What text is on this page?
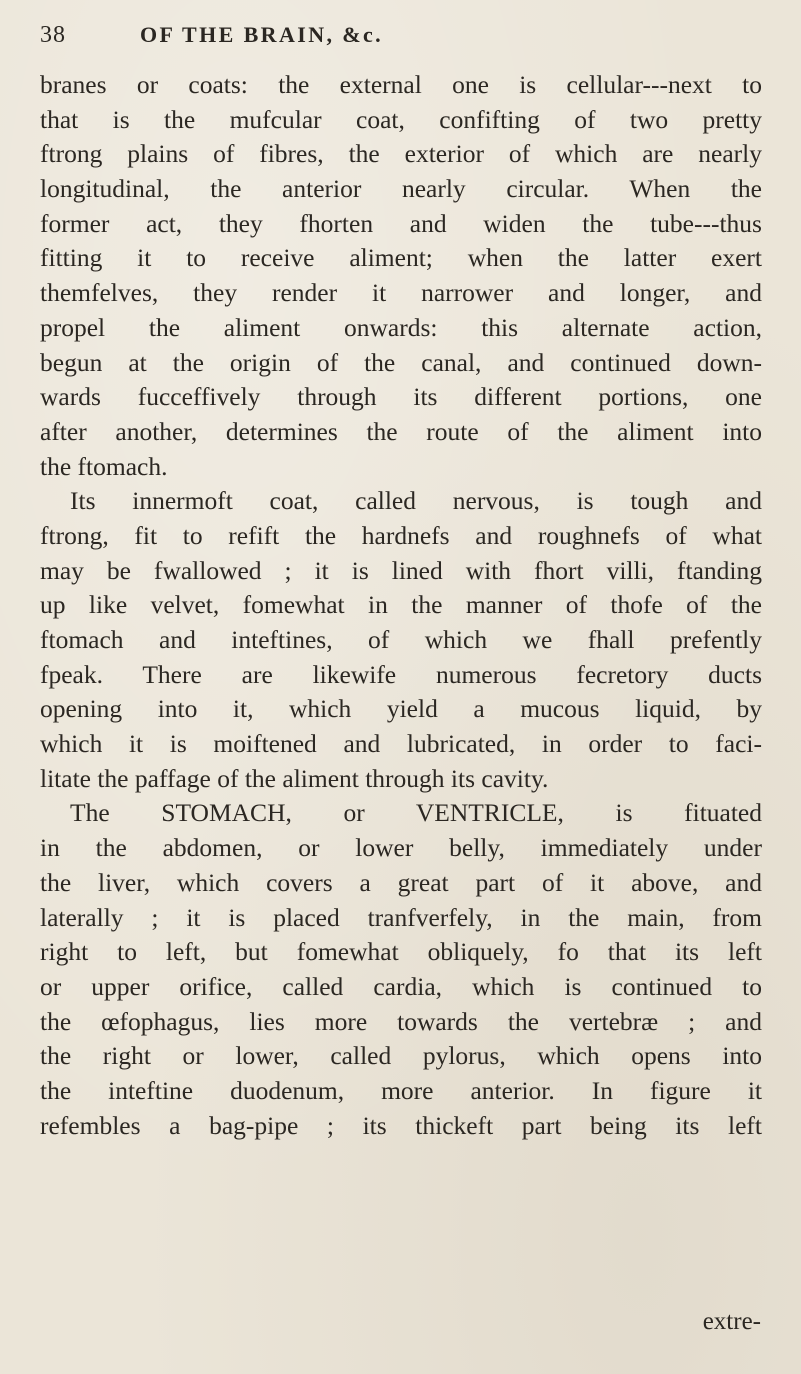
38	OF THE BRAIN, &c.
branes or coats: the external one is cellular---next to
that is the mufcular coat, confifting of two pretty
ftrong plains of fibres, the exterior of which are nearly
longitudinal, the anterior nearly circular. When the
former act, they fhorten and widen the tube---thus
fitting it to receive aliment; when the latter exert
themfelves, they render it narrower and longer, and
propel the aliment onwards: this alternate action,
begun at the origin of the canal, and continued down-
wards fucceffively through its different portions, one
after another, determines the route of the aliment into
the ftomach.
Its innermoft coat, called nervous, is tough and
ftrong, fit to refift the hardnefs and roughnefs of what
may be fwallowed ; it is lined with fhort villi, ftanding
up like velvet, fomewhat in the manner of thofe of the
ftomach and inteftines, of which we fhall prefently
fpeak. There are likewife numerous fecretory ducts
opening into it, which yield a mucous liquid, by
which it is moiftened and lubricated, in order to faci-
litate the paffage of the aliment through its cavity.
The STOMACH, or VENTRICLE, is fituated
in the abdomen, or lower belly, immediately under
the liver, which covers a great part of it above, and
laterally ; it is placed tranfverfely, in the main, from
right to left, but fomewhat obliquely, fo that its left
or upper orifice, called cardia, which is continued to
the œfophagus, lies more towards the vertebræ ; and
the right or lower, called pylorus, which opens into
the inteftine duodenum, more anterior. In figure it
refembles a bag-pipe ; its thickeft part being its left
extre-
